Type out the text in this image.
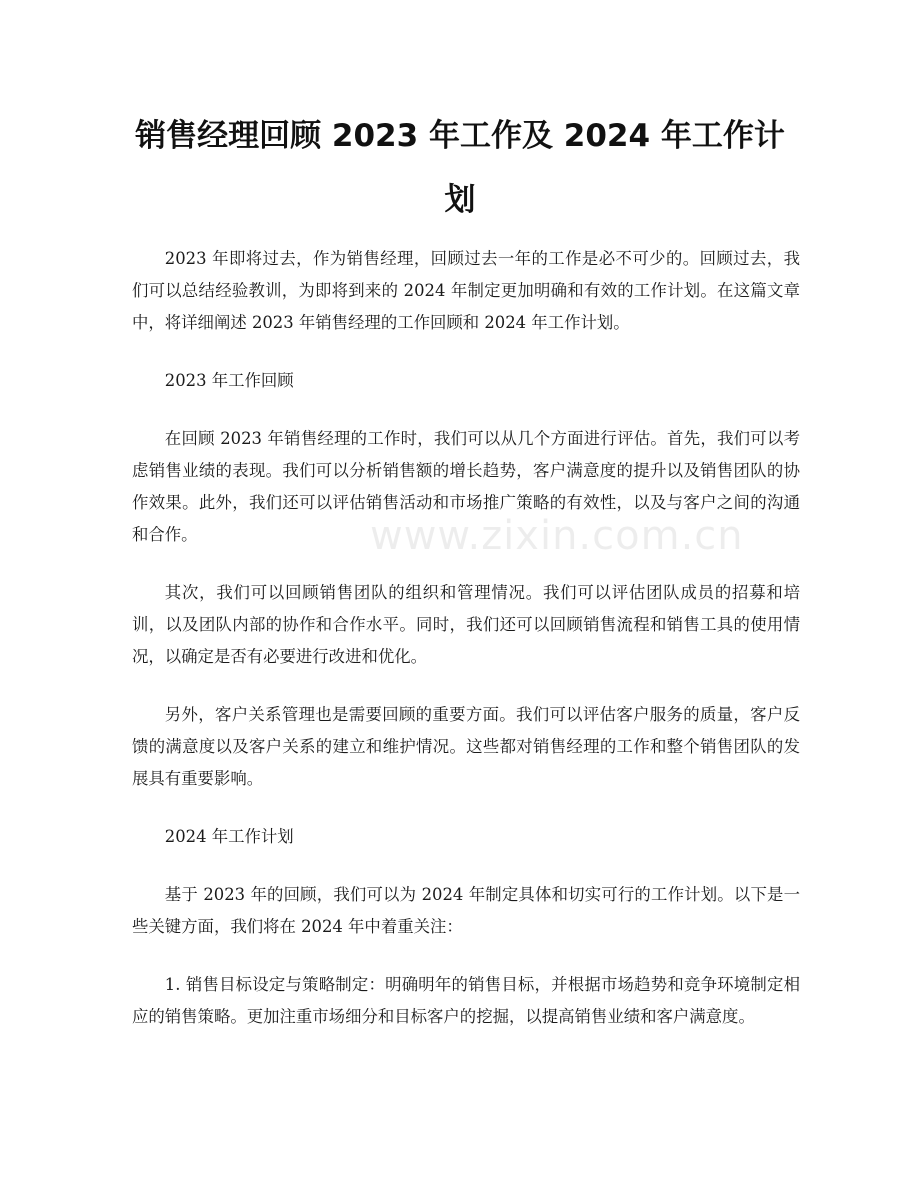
销售经理回顾 2023 年工作及 2024 年工作计划

2023 年即将过去，作为销售经理，回顾过去一年的工作是必不可少的。回顾过去，我们可以总结经验教训，为即将到来的 2024 年制定更加明确和有效的工作计划。在这篇文章中，将详细阐述 2023 年销售经理的工作回顾和 2024 年工作计划。

2023 年工作回顾

在回顾 2023 年销售经理的工作时，我们可以从几个方面进行评估。首先，我们可以考虑销售业绩的表现。我们可以分析销售额的增长趋势，客户满意度的提升以及销售团队的协作效果。此外，我们还可以评估销售活动和市场推广策略的有效性，以及与客户之间的沟通和合作。

其次，我们可以回顾销售团队的组织和管理情况。我们可以评估团队成员的招募和培训，以及团队内部的协作和合作水平。同时，我们还可以回顾销售流程和销售工具的使用情况，以确定是否有必要进行改进和优化。

另外，客户关系管理也是需要回顾的重要方面。我们可以评估客户服务的质量，客户反馈的满意度以及客户关系的建立和维护情况。这些都对销售经理的工作和整个销售团队的发展具有重要影响。

2024 年工作计划

基于 2023 年的回顾，我们可以为 2024 年制定具体和切实可行的工作计划。以下是一些关键方面，我们将在 2024 年中着重关注：

1. 销售目标设定与策略制定：明确明年的销售目标，并根据市场趋势和竞争环境制定相应的销售策略。更加注重市场细分和目标客户的挖掘，以提高销售业绩和客户满意度。

www.zixin.com.cn
